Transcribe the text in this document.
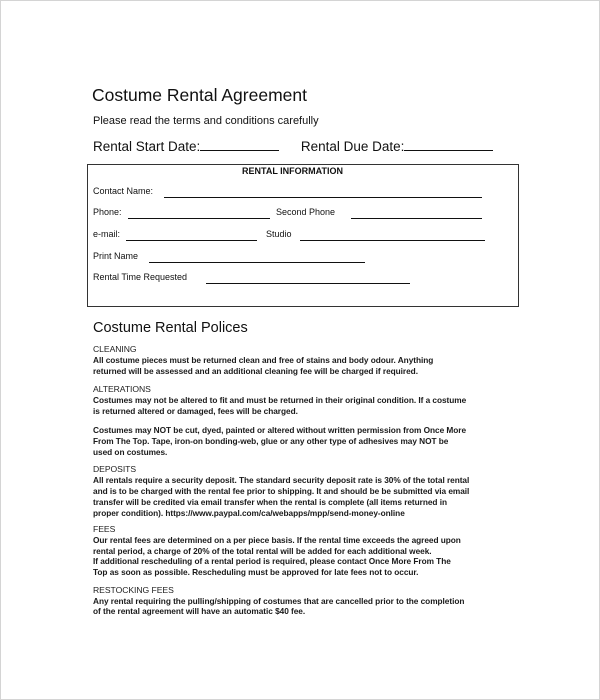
Costume Rental Agreement
Please read the terms and conditions carefully
Rental Start Date:	Rental Due Date:
RENTAL INFORMATION
Contact Name:
Phone:	Second Phone
e-mail:	Studio
Print Name
Rental Time Requested
Costume Rental Polices
CLEANING
All costume pieces must be returned clean and free of stains and body odour. Anything
returned will be assessed and an additional cleaning fee will be charged if required.
ALTERATIONS
Costumes may not be altered to fit and must be returned in their original condition. If a costume
is returned altered or damaged, fees will be charged.
Costumes may NOT be cut, dyed, painted or altered without written permission from Once More
From The Top. Tape, iron-on bonding-web, glue or any other type of adhesives may NOT be
used on costumes.
DEPOSITS
All rentals require a security deposit. The standard security deposit rate is 30% of the total rental
and is to be charged with the rental fee prior to shipping. It and should be be submitted via email
transfer will be credited via email transfer when the rental is complete (all items returned in
proper condition). https://www.paypal.com/ca/webapps/mpp/send-money-online
FEES
Our rental fees are determined on a per piece basis. If the rental time exceeds the agreed upon
rental period, a charge of 20% of the total rental will be added for each additional week.
If additional rescheduling of a rental period is required, please contact Once More From The
Top as soon as possible. Rescheduling must be approved for late fees not to occur.
RESTOCKING FEES
Any rental requiring the pulling/shipping of costumes that are cancelled prior to the completion
of the rental agreement will have an automatic $40 fee.
